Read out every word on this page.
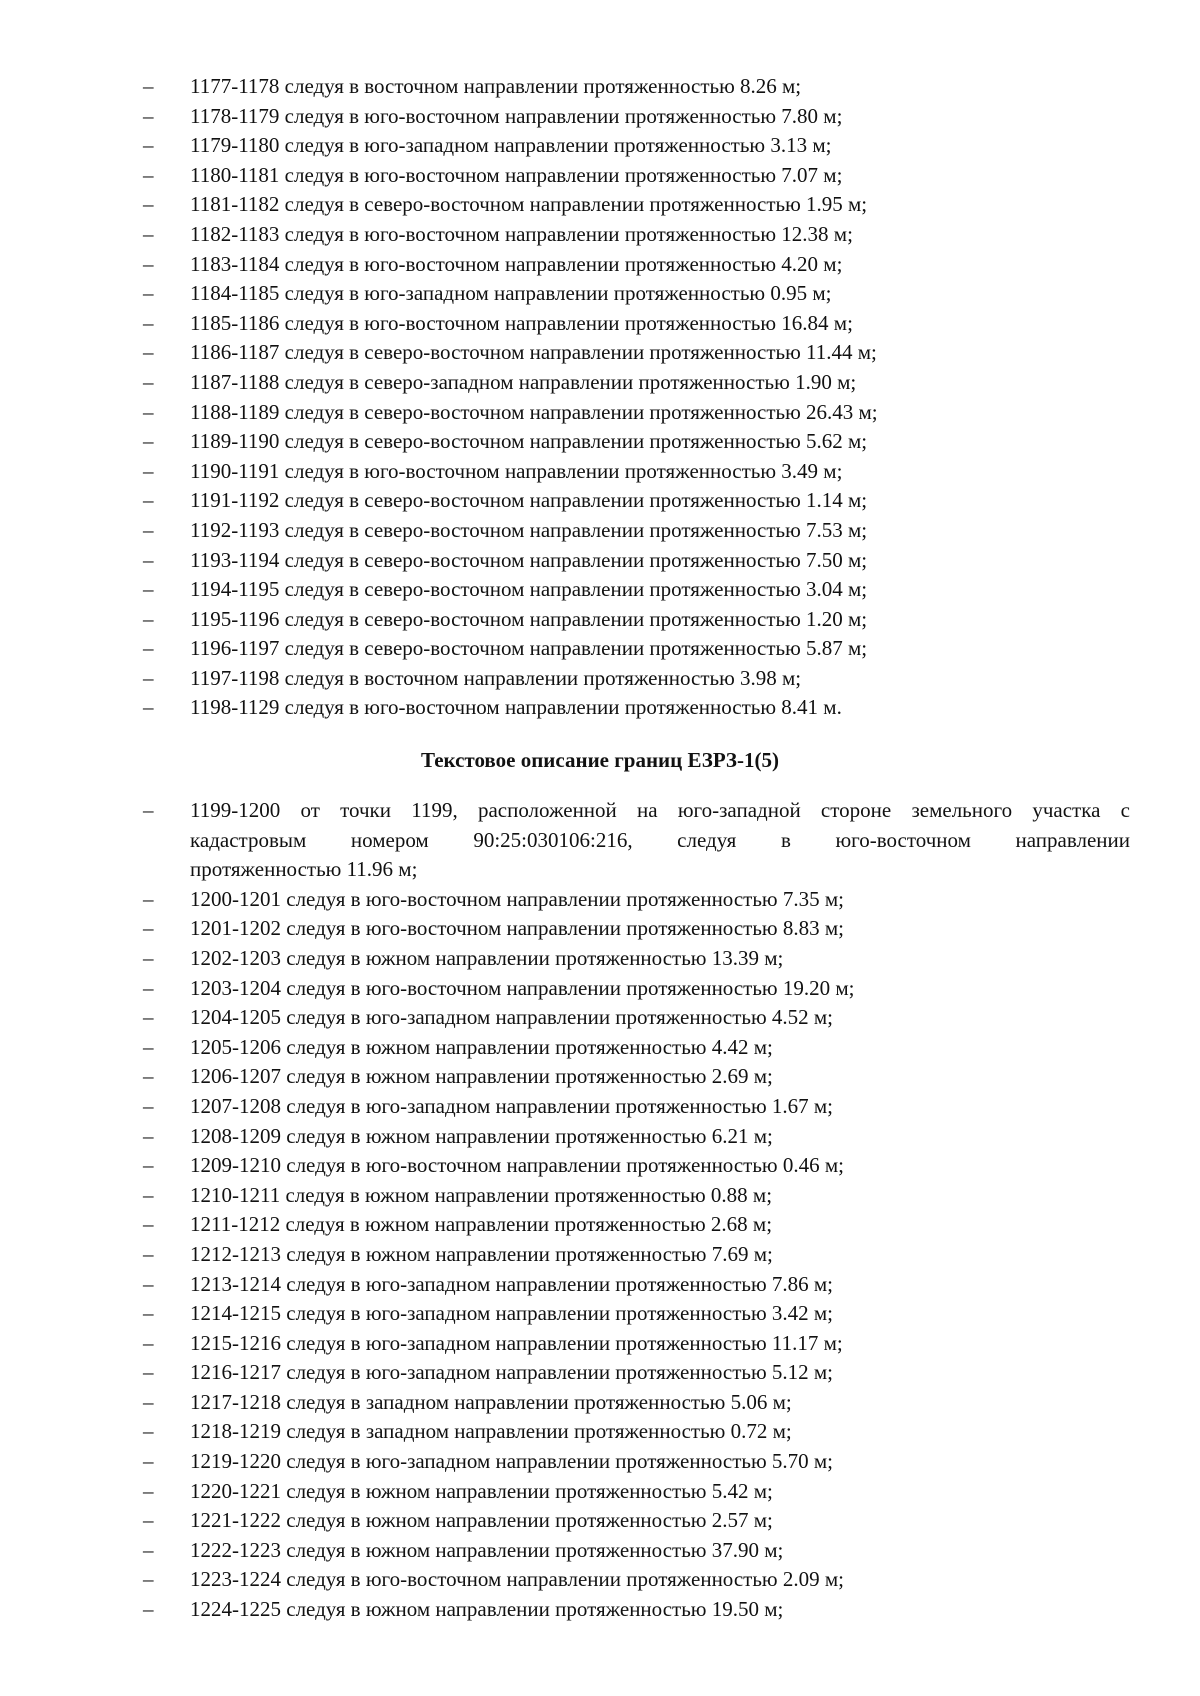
– 1177-1178 следуя в восточном направлении протяженностью 8.26 м;
– 1178-1179 следуя в юго-восточном направлении протяженностью 7.80 м;
– 1179-1180 следуя в юго-западном направлении протяженностью 3.13 м;
– 1180-1181 следуя в юго-восточном направлении протяженностью 7.07 м;
– 1181-1182 следуя в северо-восточном направлении протяженностью 1.95 м;
– 1182-1183 следуя в юго-восточном направлении протяженностью 12.38 м;
– 1183-1184 следуя в юго-восточном направлении протяженностью 4.20 м;
– 1184-1185 следуя в юго-западном направлении протяженностью 0.95 м;
– 1185-1186 следуя в юго-восточном направлении протяженностью 16.84 м;
– 1186-1187 следуя в северо-восточном направлении протяженностью 11.44 м;
– 1187-1188 следуя в северо-западном направлении протяженностью 1.90 м;
– 1188-1189 следуя в северо-восточном направлении протяженностью 26.43 м;
– 1189-1190 следуя в северо-восточном направлении протяженностью 5.62 м;
– 1190-1191 следуя в юго-восточном направлении протяженностью 3.49 м;
– 1191-1192 следуя в северо-восточном направлении протяженностью 1.14 м;
– 1192-1193 следуя в северо-восточном направлении протяженностью 7.53 м;
– 1193-1194 следуя в северо-восточном направлении протяженностью 7.50 м;
– 1194-1195 следуя в северо-восточном направлении протяженностью 3.04 м;
– 1195-1196 следуя в северо-восточном направлении протяженностью 1.20 м;
– 1196-1197 следуя в северо-восточном направлении протяженностью 5.87 м;
– 1197-1198 следуя в восточном направлении протяженностью 3.98 м;
– 1198-1129 следуя в юго-восточном направлении протяженностью 8.41 м.
Текстовое описание границ ЕЗРЗ-1(5)
– 1199-1200 от точки 1199, расположенной на юго-западной стороне земельного участка с
кадастровым номером 90:25:030106:216, следуя в юго-восточном направлении
протяженностью 11.96 м;
– 1200-1201 следуя в юго-восточном направлении протяженностью 7.35 м;
– 1201-1202 следуя в юго-восточном направлении протяженностью 8.83 м;
– 1202-1203 следуя в южном направлении протяженностью 13.39 м;
– 1203-1204 следуя в юго-восточном направлении протяженностью 19.20 м;
– 1204-1205 следуя в юго-западном направлении протяженностью 4.52 м;
– 1205-1206 следуя в южном направлении протяженностью 4.42 м;
– 1206-1207 следуя в южном направлении протяженностью 2.69 м;
– 1207-1208 следуя в юго-западном направлении протяженностью 1.67 м;
– 1208-1209 следуя в южном направлении протяженностью 6.21 м;
– 1209-1210 следуя в юго-восточном направлении протяженностью 0.46 м;
– 1210-1211 следуя в южном направлении протяженностью 0.88 м;
– 1211-1212 следуя в южном направлении протяженностью 2.68 м;
– 1212-1213 следуя в южном направлении протяженностью 7.69 м;
– 1213-1214 следуя в юго-западном направлении протяженностью 7.86 м;
– 1214-1215 следуя в юго-западном направлении протяженностью 3.42 м;
– 1215-1216 следуя в юго-западном направлении протяженностью 11.17 м;
– 1216-1217 следуя в юго-западном направлении протяженностью 5.12 м;
– 1217-1218 следуя в западном направлении протяженностью 5.06 м;
– 1218-1219 следуя в западном направлении протяженностью 0.72 м;
– 1219-1220 следуя в юго-западном направлении протяженностью 5.70 м;
– 1220-1221 следуя в южном направлении протяженностью 5.42 м;
– 1221-1222 следуя в южном направлении протяженностью 2.57 м;
– 1222-1223 следуя в южном направлении протяженностью 37.90 м;
– 1223-1224 следуя в юго-восточном направлении протяженностью 2.09 м;
– 1224-1225 следуя в южном направлении протяженностью 19.50 м;
